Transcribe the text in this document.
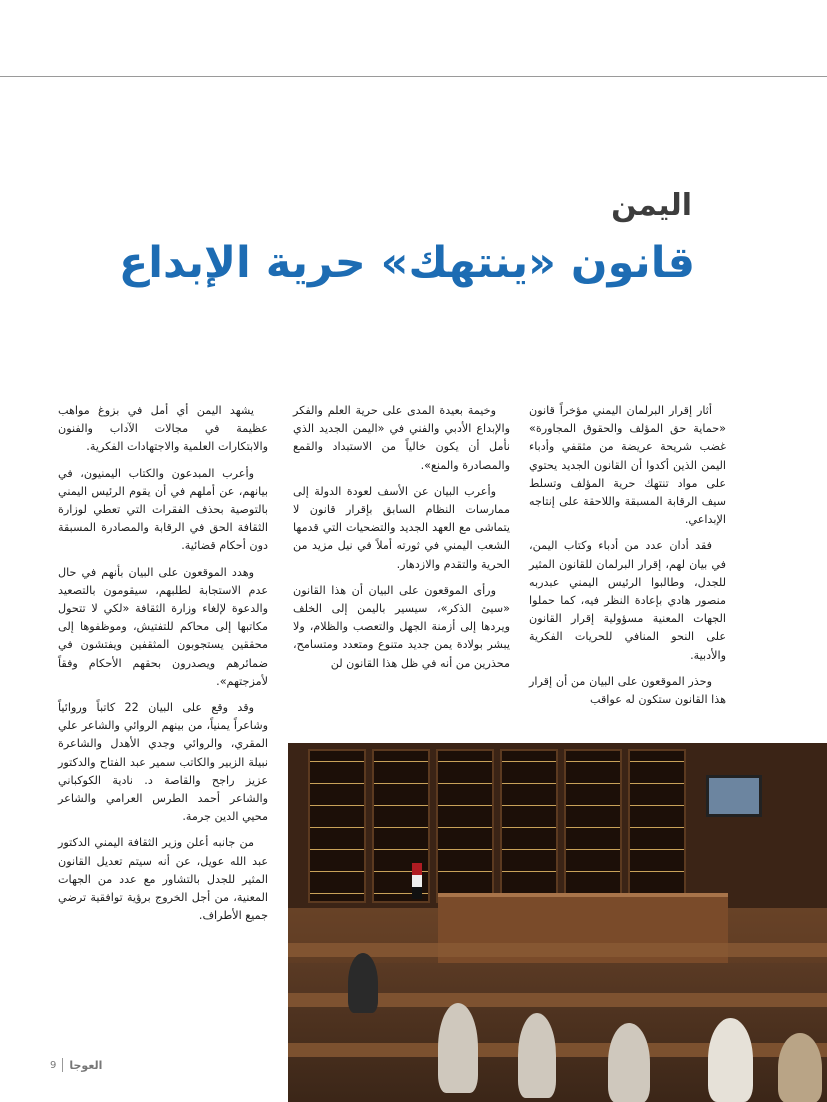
اليمن
قانون «ينتهك» حرية الإبداع

أثار إقرار البرلمان اليمني مؤخراً قانون «حماية حق المؤلف والحقوق المجاورة» غضب شريحة عريضة من مثقفي وأدباء اليمن الذين أكدوا أن القانون الجديد يحتوي على مواد تنتهك حرية المؤلف وتسلط سيف الرقابة المسبقة واللاحقة على إنتاجه الإبداعي.

فقد أدان عدد من أدباء وكتاب اليمن، في بيان لهم، إقرار البرلمان للقانون المثير للجدل، وطالبوا الرئيس اليمني عبدربه منصور هادي بإعادة النظر فيه، كما حملوا الجهات المعنية مسؤولية إقرار القانون على النحو المنافي للحريات الفكرية والأدبية.

وحذر الموقعون على البيان من أن إقرار هذا القانون ستكون له عواقب

وخيمة بعيدة المدى على حرية العلم والفكر والإبداع الأدبي والفني في «اليمن الجديد الذي نأمل أن يكون خالياً من الاستبداد والقمع والمصادرة والمنع».

وأعرب البيان عن الأسف لعودة الدولة إلى ممارسات النظام السابق بإقرار قانون لا يتماشى مع العهد الجديد والتضحيات التي قدمها الشعب اليمني في ثورته أملاً في نيل مزيد من الحرية والتقدم والازدهار.

ورأى الموقعون على البيان أن هذا القانون «سيئ الذكر»، سيسير باليمن إلى الخلف ويردها إلى أزمنة الجهل والتعصب والظلام، ولا يبشر بولادة يمن جديد متنوع ومتعدد ومتسامح، محذرين من أنه في ظل هذا القانون لن

يشهد اليمن أي أمل في بزوغ مواهب عظيمة في مجالات الآداب والفنون والابتكارات العلمية والاجتهادات الفكرية.

وأعرب المبدعون والكتاب اليمنيون، في بيانهم، عن أملهم في أن يقوم الرئيس اليمني بالتوصية بحذف الفقرات التي تعطي لوزارة الثقافة الحق في الرقابة والمصادرة المسبقة دون أحكام قضائية.

وهدد الموقعون على البيان بأنهم في حال عدم الاستجابة لطلبهم، سيقومون بالتصعيد والدعوة لإلغاء وزارة الثقافة «لكي لا تتحول مكاتبها إلى محاكم للتفتيش، وموظفوها إلى محققين يستجوبون المثقفين ويفتشون في ضمائرهم ويصدرون بحقهم الأحكام وفقاً لأمزجتهم».

وقد وقع على البيان 22 كاتباً وروائياً وشاعراً يمنياً، من بينهم الروائي والشاعر علي المقري، والروائي وجدي الأهدل والشاعرة نبيلة الزبير والكاتب سمير عبد الفتاح والدكتور عزيز راجح والقاصة د. نادية الكوكباني والشاعر أحمد الطرس العرامي والشاعر محيي الدين جرمة.

من جانبه أعلن وزير الثقافة اليمني الدكتور عبد الله عويل، عن أنه سيتم تعديل القانون المثير للجدل بالتشاور مع عدد من الجهات المعنية، من أجل الخروج برؤية توافقية ترضي جميع الأطراف.

9 العوجا
